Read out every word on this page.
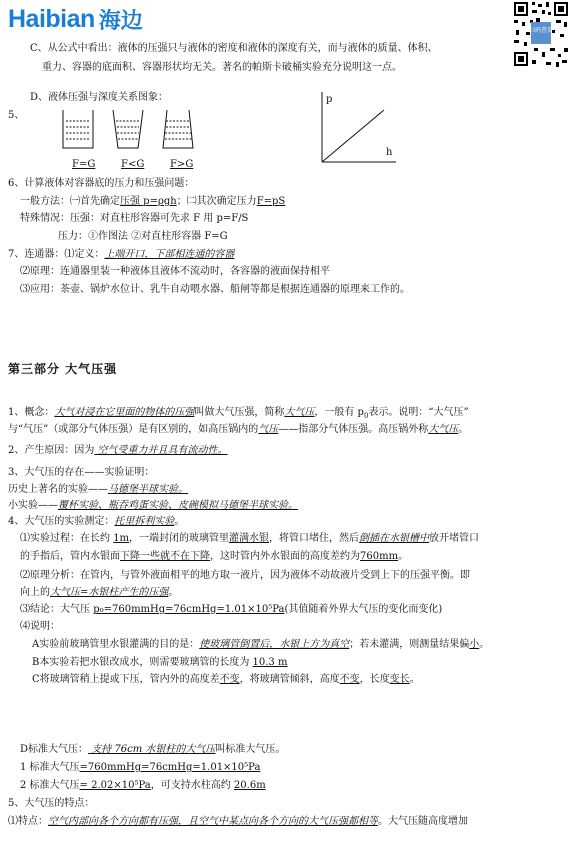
Haibian 海边	扫码查看
C、从公式中看出：液体的压强只与液体的密度和液体的深度有关，而与液体的质量、体积、
重力、容器的底面积、容器形状均无关。著名的帕斯卡破桶实验充分说明这一点。
D、液体压强与深度关系图象：
5、
F=G	F<G	F>G
p
h
6、计算液体对容器底的压力和压强问题：
一般方法：㈠首先确定压强 p=ρgh；㈡其次确定压力F=pS
特殊情况：压强：对直柱形容器可先求 F 用 p=F/S
压力：①作图法 ②对直柱形容器 F=G
7、连通器：⑴定义：上端开口，下部相连通的容器
⑵原理：连通器里装一种液体且液体不流动时，各容器的液面保持相平
⑶应用：茶壶、锅炉水位计、乳牛自动喂水器、船闸等都是根据连通器的原理来工作的。
第三部分 大气压强
1、概念：大气对浸在它里面的物体的压强叫做大气压强，简称大气压，一般有 $p_0$表示。说明：“大气压”
与“气压”（或部分气体压强）是有区别的，如高压锅内的气压——指部分气体压强。高压锅外称大气压。
2、产生原因：因为 空气受重力并且具有流动性。
3、大气压的存在——实验证明：
历史上著名的实验——马德堡半球实验。
小实验——覆杯实验、瓶吞鸡蛋实验、皮碗模拟马德堡半球实验。
4、大气压的实验测定：托里拆利实验。
⑴实验过程：在长约 1m，一端封闭的玻璃管里灌满水银，将管口堵住，然后倒插在水银槽中放开堵管口
的手指后，管内水银面下降一些就不在下降，这时管内外水银面的高度差约为760mm。
⑵原理分析：在管内，与管外液面相平的地方取一液片，因为液体不动故液片受到上下的压强平衡。即
向上的大气压=水银柱产生的压强。
⑶结论：大气压 p₀=760mmHg=76cmHg=1.01×10⁵Pa(其值随着外界大气压的变化而变化)
⑷说明：
A实验前玻璃管里水银灌满的目的是：使玻璃管倒置后，水银上方为真空；若未灌满，则测量结果偏小。
B本实验若把水银改成水，则需要玻璃管的长度为 10.3 m
C将玻璃管稍上提或下压，管内外的高度差不变，将玻璃管倾斜，高度不变，长度变长。
D标准大气压： 支持 76cm 水银柱的大气压叫标准大气压。
1 标准大气压=760mmHg=76cmHg=1.01×10⁵Pa
2 标准大气压= 2.02×10⁵Pa，可支持水柱高约 20.6m
5、大气压的特点：
⑴特点：空气内部向各个方向都有压强，且空气中某点向各个方向的大气压强都相等。大气压随高度增加
